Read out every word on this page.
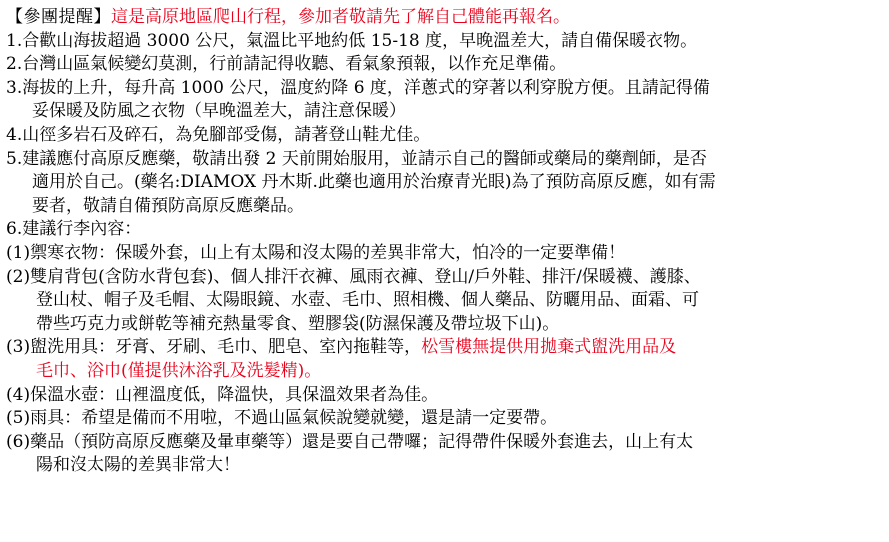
【參團提醒】這是高原地區爬山行程，參加者敬請先了解自己體能再報名。
1.合歡山海拔超過 3000 公尺，氣溫比平地約低 15-18 度，早晚溫差大，請自備保暖衣物。
2.台灣山區氣候變幻莫測，行前請記得收聽、看氣象預報，以作充足準備。
3.海拔的上升，每升高 1000 公尺，溫度約降 6 度，洋蔥式的穿著以利穿脫方便。且請記得備
妥保暖及防風之衣物（早晚溫差大，請注意保暖）
4.山徑多岩石及碎石，為免腳部受傷，請著登山鞋尤佳。
5.建議應付高原反應藥，敬請出發 2 天前開始服用，並請示自己的醫師或藥局的藥劑師，是否
適用於自己。(藥名:DIAMOX 丹木斯.此藥也適用於治療青光眼)為了預防高原反應，如有需
要者，敬請自備預防高原反應藥品。
6.建議行李內容：
(1)禦寒衣物：保暖外套，山上有太陽和沒太陽的差異非常大，怕冷的一定要準備！
(2)雙肩背包(含防水背包套)、個人排汗衣褲、風雨衣褲、登山/戶外鞋、排汗/保暖襪、護膝、
登山杖、帽子及毛帽、太陽眼鏡、水壺、毛巾、照相機、個人藥品、防曬用品、面霜、可
帶些巧克力或餅乾等補充熱量零食、塑膠袋(防濕保護及帶垃圾下山)。
(3)盥洗用具：牙膏、牙刷、毛巾、肥皂、室內拖鞋等，松雪樓無提供用拋棄式盥洗用品及
毛巾、浴巾(僅提供沐浴乳及洗髮精)。
(4)保溫水壺：山裡溫度低，降溫快，具保溫效果者為佳。
(5)雨具：希望是備而不用啦，不過山區氣候說變就變，還是請一定要帶。
(6)藥品（預防高原反應藥及暈車藥等）還是要自己帶囉；記得帶件保暖外套進去，山上有太
陽和沒太陽的差異非常大！
